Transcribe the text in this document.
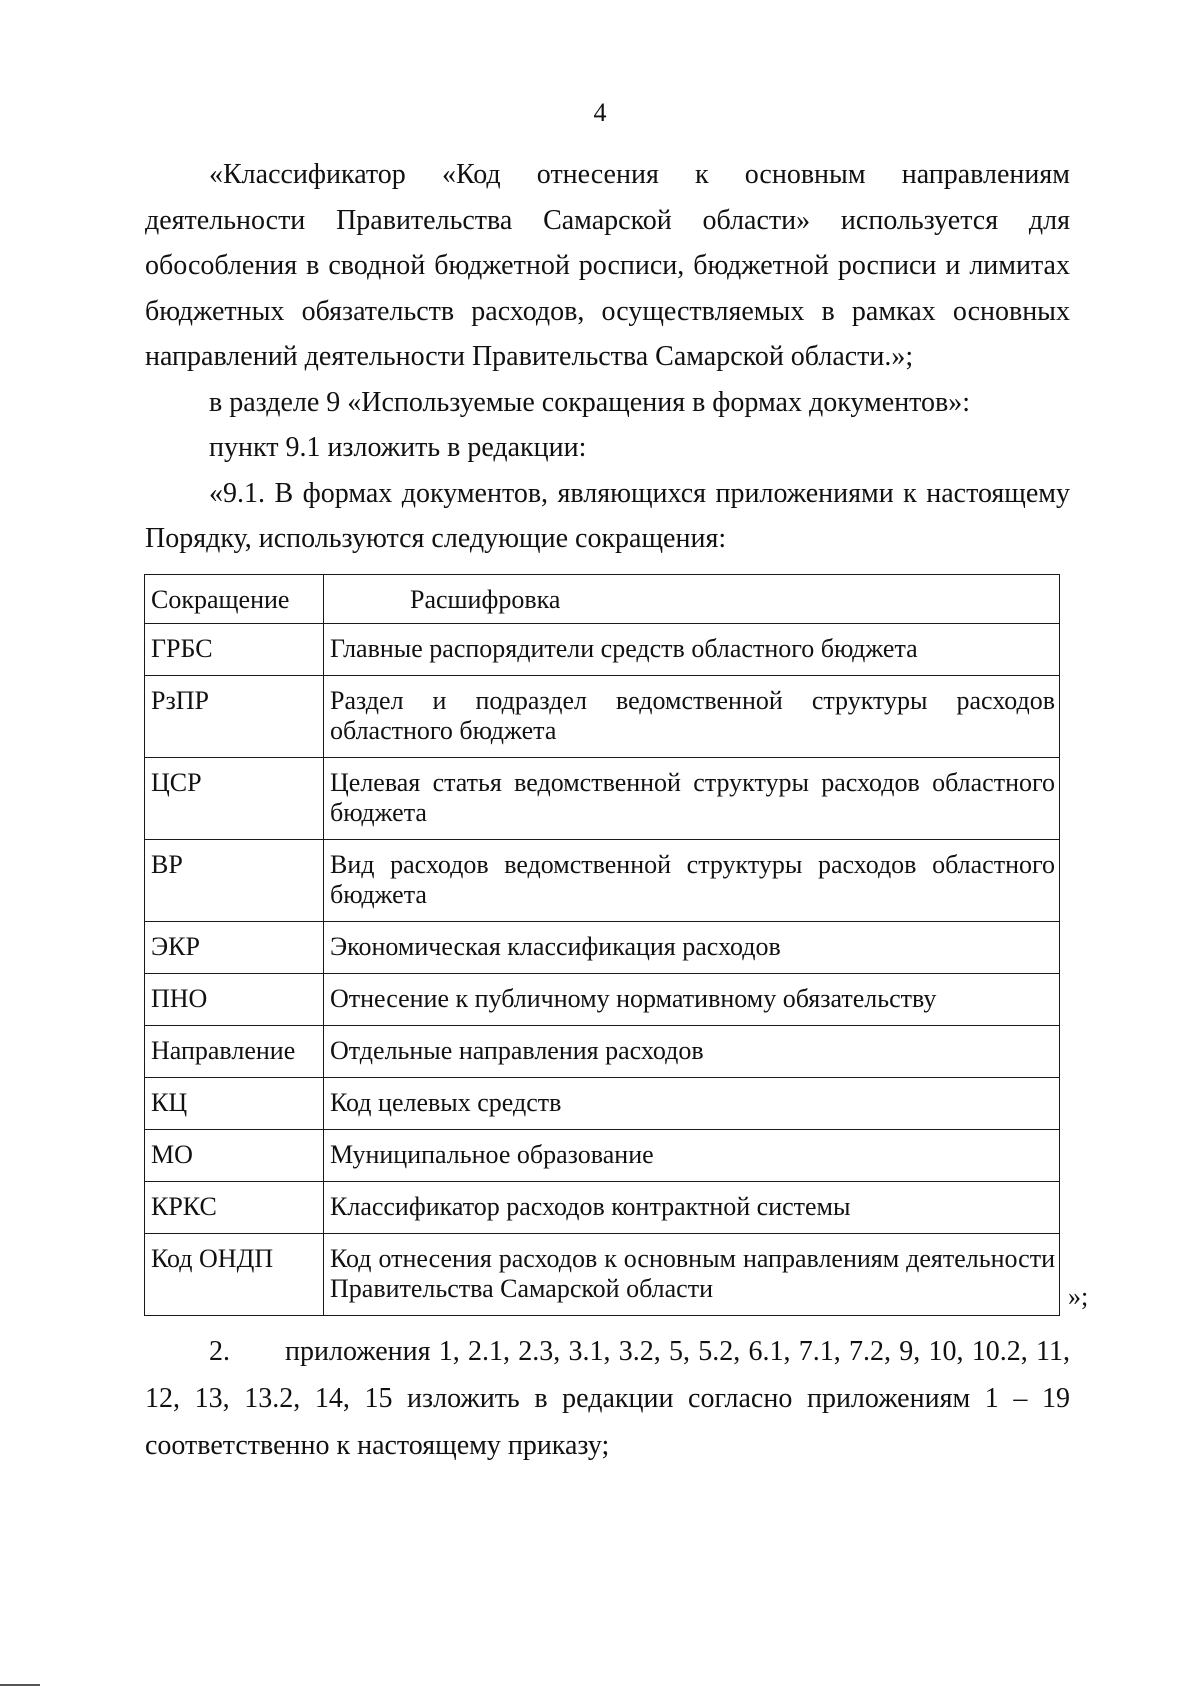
4

«Классификатор «Код отнесения к основным направлениям деятельности Правительства Самарской области» используется для обособления в сводной бюджетной росписи, бюджетной росписи и лимитах бюджетных обязательств расходов, осуществляемых в рамках основных направлений деятельности Правительства Самарской области.»;

в разделе 9 «Используемые сокращения в формах документов»:

пункт 9.1 изложить в редакции:

«9.1. В формах документов, являющихся приложениями к настоящему Порядку, используются следующие сокращения:

Сокращение	Расшифровка
ГРБС	Главные распорядители средств областного бюджета
РзПР	Раздел и подраздел ведомственной структуры расходов областного бюджета
ЦСР	Целевая статья ведомственной структуры расходов областного бюджета
ВР	Вид расходов ведомственной структуры расходов областного бюджета
ЭКР	Экономическая классификация расходов
ПНО	Отнесение к публичному нормативному обязательству
Направление	Отдельные направления расходов
КЦ	Код целевых средств
МО	Муниципальное образование
КРКС	Классификатор расходов контрактной системы
Код ОНДП	Код отнесения расходов к основным направлениям деятельности Правительства Самарской области	»;

2. приложения 1, 2.1, 2.3, 3.1, 3.2, 5, 5.2, 6.1, 7.1, 7.2, 9, 10, 10.2, 11, 12, 13, 13.2, 14, 15 изложить в редакции согласно приложениям 1 – 19 соответственно к настоящему приказу;
